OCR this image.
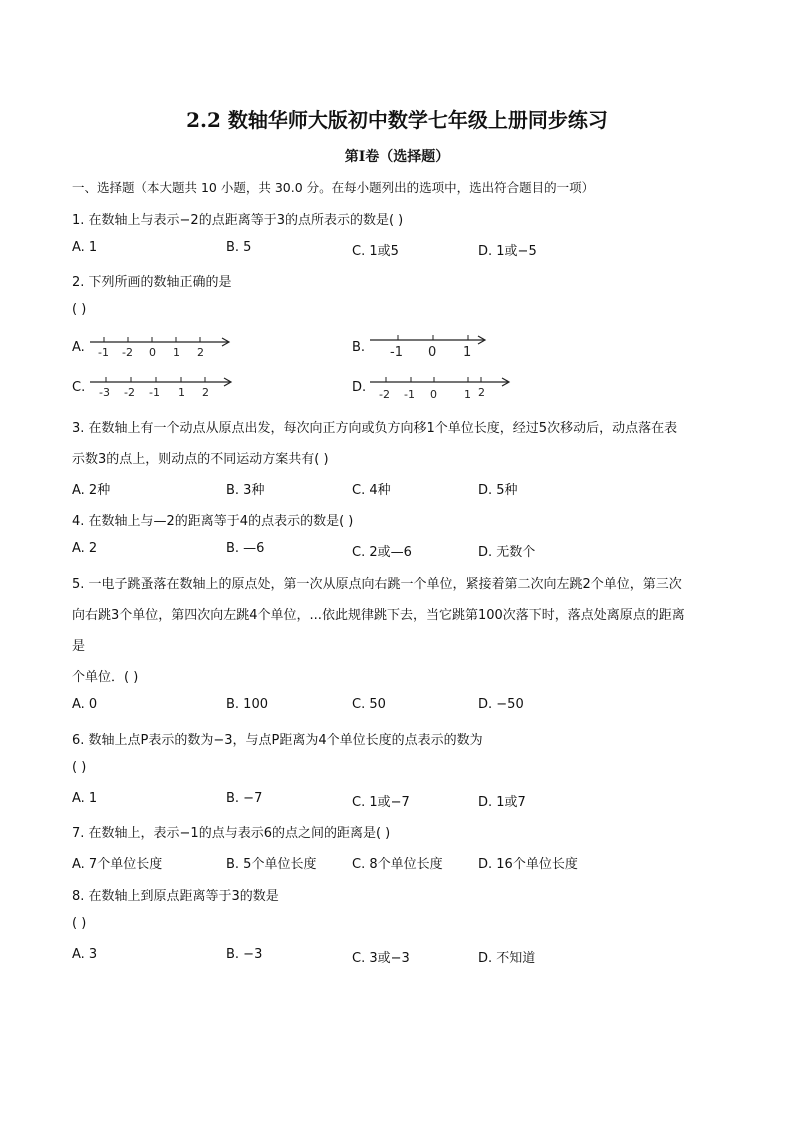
2.2 数轴华师大版初中数学七年级上册同步练习
第Ⅰ卷（选择题）
一、选择题（本大题共 10 小题，共 30.0 分。在每小题列出的选项中，选出符合题目的一项）
1. 在数轴上与表示−2的点距离等于3的点所表示的数是( )
A. 1	B. 5	C. 1或5	D. 1或−5
2. 下列所画的数轴正确的是
( )
A. -1 -2 0 1 2	B. -1 0 1
C. -3 -2 -1 1 2	D. -2 -1 0 1 2
3. 在数轴上有一个动点从原点出发，每次向正方向或负方向移1个单位长度，经过5次移动后，动点落在表
示数3的点上，则动点的不同运动方案共有( )
A. 2种	B. 3种	C. 4种	D. 5种
4. 在数轴上与—2的距离等于4的点表示的数是( )
A. 2	B. —6	C. 2或—6	D. 无数个
5. 一电子跳蚤落在数轴上的原点处，第一次从原点向右跳一个单位，紧接着第二次向左跳2个单位，第三次
向右跳3个单位，第四次向左跳4个单位，...依此规律跳下去，当它跳第100次落下时，落点处离原点的距离
是
个单位．( )
A. 0	B. 100	C. 50	D. −50
6. 数轴上点P表示的数为−3，与点P距离为4个单位长度的点表示的数为
( )
A. 1	B. −7	C. 1或−7	D. 1或7
7. 在数轴上，表示−1的点与表示6的点之间的距离是( )
A. 7个单位长度	B. 5个单位长度	C. 8个单位长度	D. 16个单位长度
8. 在数轴上到原点距离等于3的数是
( )
A. 3	B. −3	C. 3或−3	D. 不知道
